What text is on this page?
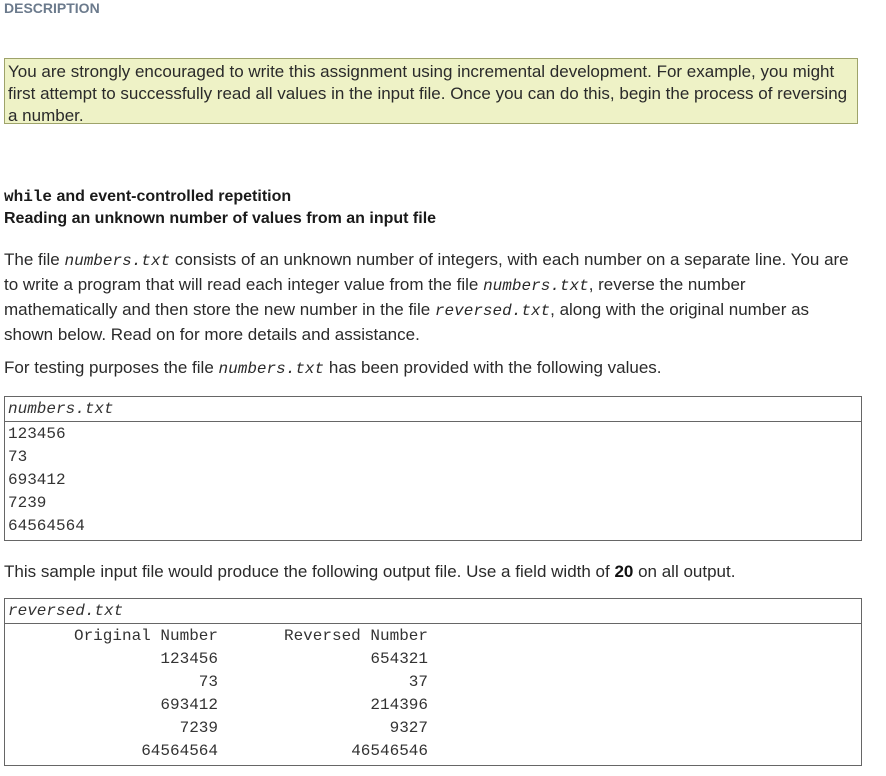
DESCRIPTION
You are strongly encouraged to write this assignment using incremental development. For example, you might first attempt to successfully read all values in the input file. Once you can do this, begin the process of reversing a number.
while and event-controlled repetition
Reading an unknown number of values from an input file
The file numbers.txt consists of an unknown number of integers, with each number on a separate line. You are to write a program that will read each integer value from the file numbers.txt, reverse the number mathematically and then store the new number in the file reversed.txt, along with the original number as shown below. Read on for more details and assistance.
For testing purposes the file numbers.txt has been provided with the following values.
numbers.txt
123456
73
693412
7239
64564564
This sample input file would produce the following output file. Use a field width of 20 on all output.
reversed.txt
Original Number	Reversed Number
123456	654321
73	37
693412	214396
7239	9327
64564564	46546546
